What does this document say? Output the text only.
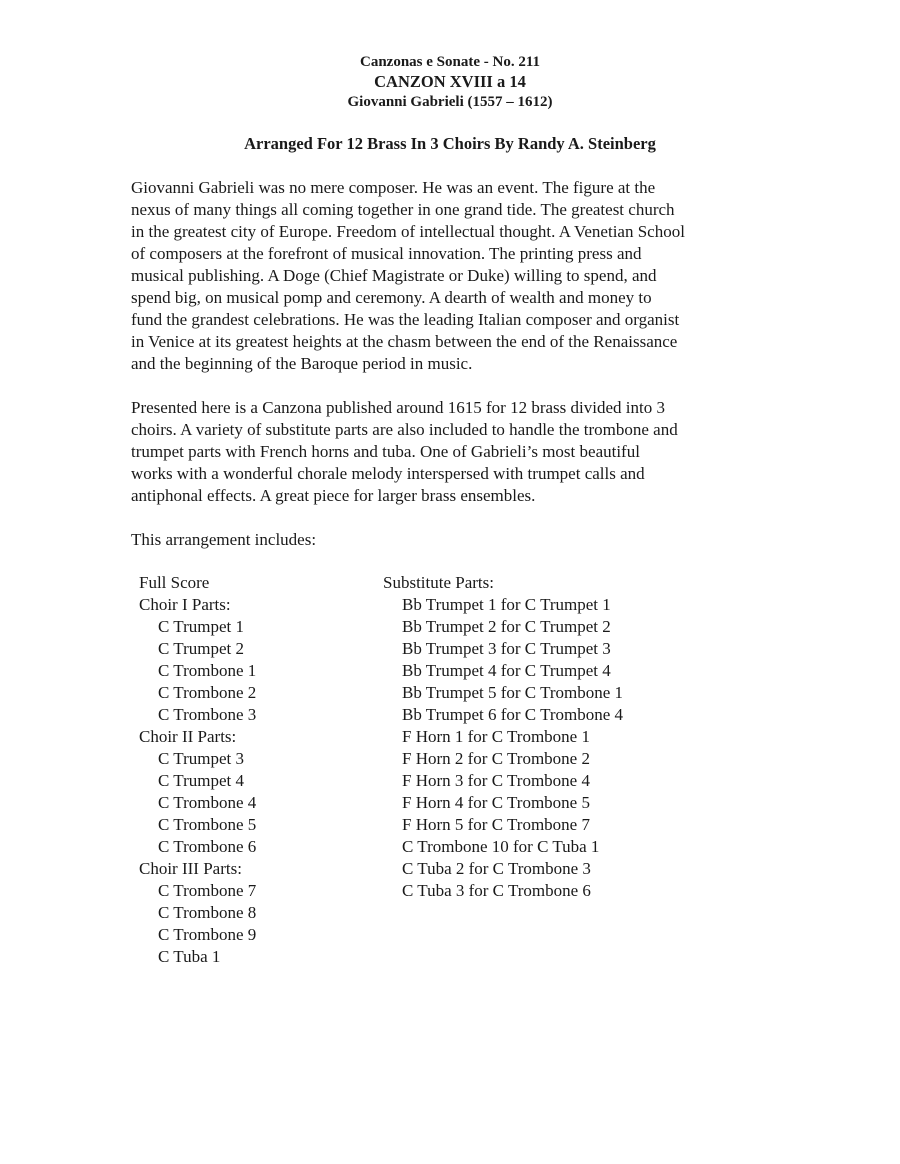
Canzonas e Sonate - No. 211
CANZON XVIII a 14
Giovanni Gabrieli (1557 – 1612)
Arranged For 12 Brass In 3 Choirs By Randy A. Steinberg
Giovanni Gabrieli was no mere composer. He was an event. The figure at the
nexus of many things all coming together in one grand tide. The greatest church
in the greatest city of Europe. Freedom of intellectual thought. A Venetian School
of composers at the forefront of musical innovation. The printing press and
musical publishing. A Doge (Chief Magistrate or Duke) willing to spend, and
spend big, on musical pomp and ceremony. A dearth of wealth and money to
fund the grandest celebrations. He was the leading Italian composer and organist
in Venice at its greatest heights at the chasm between the end of the Renaissance
and the beginning of the Baroque period in music.
Presented here is a Canzona published around 1615 for 12 brass divided into 3
choirs. A variety of substitute parts are also included to handle the trombone and
trumpet parts with French horns and tuba. One of Gabrieli’s most beautiful
works with a wonderful chorale melody interspersed with trumpet calls and
antiphonal effects. A great piece for larger brass ensembles.
This arrangement includes:
Full Score
Choir I Parts:
C Trumpet 1
C Trumpet 2
C Trombone 1
C Trombone 2
C Trombone 3
Choir II Parts:
C Trumpet 3
C Trumpet 4
C Trombone 4
C Trombone 5
C Trombone 6
Choir III Parts:
C Trombone 7
C Trombone 8
C Trombone 9
C Tuba 1
Substitute Parts:
Bb Trumpet 1 for C Trumpet 1
Bb Trumpet 2 for C Trumpet 2
Bb Trumpet 3 for C Trumpet 3
Bb Trumpet 4 for C Trumpet 4
Bb Trumpet 5 for C Trombone 1
Bb Trumpet 6 for C Trombone 4
F Horn 1 for C Trombone 1
F Horn 2 for C Trombone 2
F Horn 3 for C Trombone 4
F Horn 4 for C Trombone 5
F Horn 5 for C Trombone 7
C Trombone 10 for C Tuba 1
C Tuba 2 for C Trombone 3
C Tuba 3 for C Trombone 6
